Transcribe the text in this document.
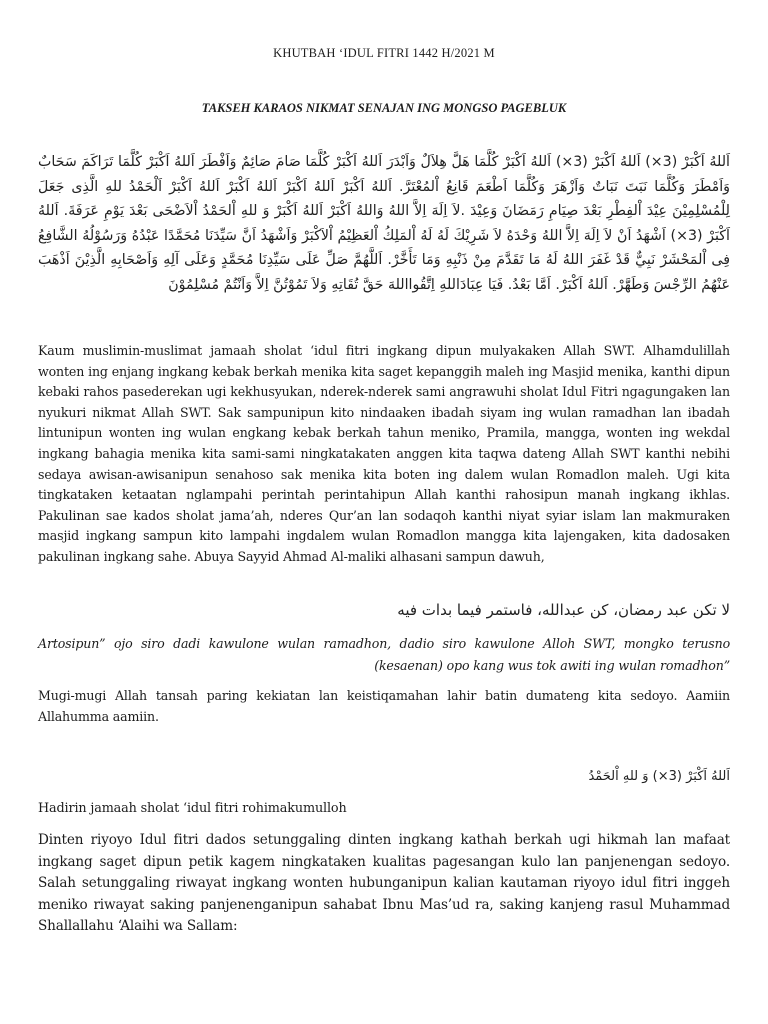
KHUTBAH ‘IDUL FITRI 1442 H/2021 M
TAKSEH KARAOS NIKMAT SENAJAN ING MONGSO PAGEBLUK
اَللهُ اَكْبَرْ (3×) اَللهُ اَكْبَرْ (3×) اَللهُ اَكْبَرْ كُلَّمَا هَلَّ هِلاَلٌ وَاَبْدَرَ اَللهُ اَكْبَرْ كُلَّمَا صَامَ صَائِمٌ وَاَفْطَرَ اَللهُ اَكْبَرْ كُلَّمَا تَرَاكَمَ سَحَابٌ وَاَمْطَرَ وَكُلَّمَا نَبَتَ نَبَاتٌ وَاَزْهَرَ وَكُلَّمَا اَطْعَمَ قَانِعُ اْلمُعْتَرَّ. اَللهُ اَكْبَرْ اَللهُ اَكْبَرْ اَللهُ اَكْبَرْ اَللهُ اَكْبَرْ اَلْحَمْدُ للهِ الَّذِى جَعَلَ لِلْمُسْلِمِيْنَ عِيْدَ اْلفِطْرِ بَعْدَ صِيَامِ رَمَضَانَ وَعِيْدَ .لاَ اِلَهَ اِلاَّ اللهُ وَاللهُ اَكْبَرْ اَللهُ اَكْبَرْ وَ للهِ اْلحَمْدُ اْلاَضْحَى بَعْدَ يَوْمِ عَرَفَةَ. اَللهُ اَكْبَرْ (3×) اَشْهَدُ اَنْ لاَ اِلَهَ اِلاَّ اللهُ وَحْدَهُ لاَ شَرِيْكَ لَهُ لَهُ اْلمَلِكُ اْلعَظِيْمُ اْلاَكْبَرْ وَاَشْهَدُ اَنَّ سَيِّدَنَا مُحَمَّدًا عَبْدُهُ وَرَسُوْلُهُ الشَّافِعُ فِى اْلمَحْشَرْ نَبِيٌّ قَدْ غَفَرَ اللهُ لَهُ مَا تَقَدَّمَ مِنْ ذَنْبِهِ وَمَا تَأَخَّرْ. اَللَّهُمَّ صَلِّ عَلَى سَيِّدِنَا مُحَمَّدٍ وَعَلَى آلِهِ وَاَصْحَابِهِ الَّذِيْنَ اَذْهَبَ عَنْهُمُ الرِّجْسَ وَطَهَّرْ. اَللهُ اَكْبَرْ. اَمَّا بَعْدُ. فَيَا عِبَادَاللهِ اِتَّقُوااللهَ حَقَّ تُقَاتِهِ وَلاَ تَمُوْتُنَّ اِلاَّ وَاَنْتُمْ مُسْلِمُوْنَ

Kaum muslimin-muslimat jamaah sholat ‘idul fitri ingkang dipun mulyakaken Allah SWT. Alhamdulillah wonten ing enjang ingkang kebak berkah menika kita saget kepanggih maleh ing Masjid menika, kanthi dipun kebaki rahos pasederekan ugi kekhusyukan, nderek-nderek sami angrawuhi sholat Idul Fitri ngagungaken lan nyukuri nikmat Allah SWT. Sak sampunipun kito nindaaken ibadah siyam ing wulan ramadhan lan ibadah lintunipun wonten ing wulan engkang kebak berkah tahun meniko, Pramila, mangga, wonten ing wekdal ingkang bahagia menika kita sami-sami ningkatakaten anggen kita taqwa dateng Allah SWT kanthi nebihi sedaya awisan-awisanipun senahoso sak menika kita boten ing dalem wulan Romadlon maleh. Ugi kita tingkataken ketaatan nglampahi perintah perintahipun Allah kanthi rahosipun manah ingkang ikhlas. Pakulinan sae kados sholat jama’ah, nderes Qur’an lan sodaqoh kanthi niyat syiar islam lan makmuraken masjid ingkang sampun kito lampahi ingdalem wulan Romadlon mangga kita lajengaken, kita dadosaken pakulinan ingkang sahe. Abuya Sayyid Ahmad Al-maliki alhasani sampun dawuh,

لا تكن عبد رمضان، كن عبدالله، فاستمر فيما بدات فيه

Artosipun” ojo siro dadi kawulone wulan ramadhon, dadio siro kawulone Alloh SWT, mongko terusno (kesaenan) opo kang wus tok awiti ing wulan romadhon”

Mugi-mugi Allah tansah paring kekiatan lan keistiqamahan lahir batin dumateng kita sedoyo. Aamiin Allahumma aamiin.

اَللهُ اَكْبَرْ (3×) وَ للهِ اْلحَمْدُ

Hadirin jamaah sholat ‘idul fitri rohimakumulloh

Dinten riyoyo Idul fitri dados setunggaling dinten ingkang kathah berkah ugi hikmah lan mafaat ingkang saget dipun petik kagem ningkataken kualitas pagesangan kulo lan panjenengan sedoyo. Salah setunggaling riwayat ingkang wonten hubunganipun kalian kautaman riyoyo idul fitri inggeh meniko riwayat saking panjenenganipun sahabat Ibnu Mas’ud ra, saking kanjeng rasul Muhammad Shallallahu ‘Alaihi wa Sallam:
